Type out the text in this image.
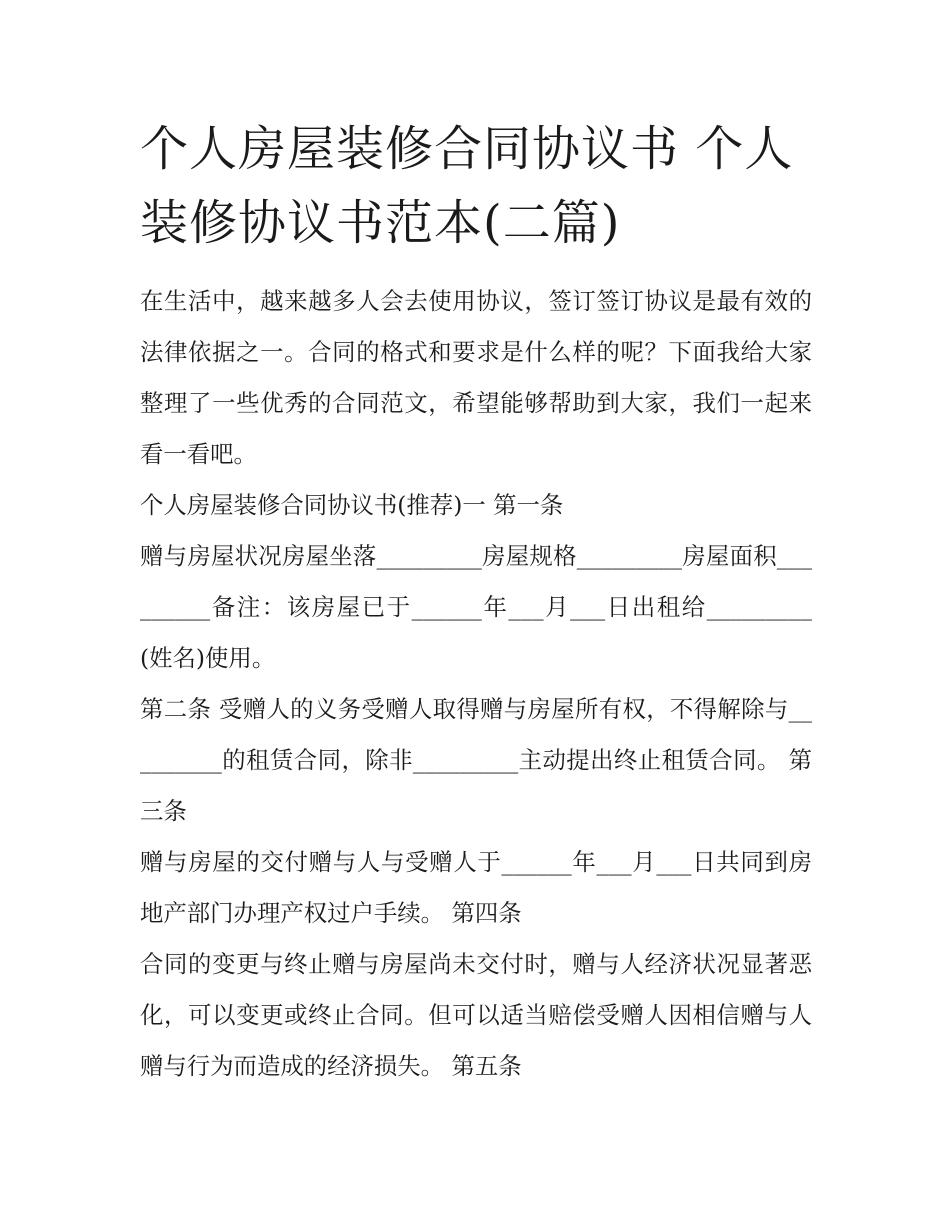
个人房屋装修合同协议书 个人装修协议书范本(二篇)

在生活中，越来越多人会去使用协议，签订签订协议是最有效的法律依据之一。合同的格式和要求是什么样的呢？下面我给大家整理了一些优秀的合同范文，希望能够帮助到大家，我们一起来看一看吧。

个人房屋装修合同协议书(推荐)一 第一条

赠与房屋状况房屋坐落_________房屋规格_________房屋面积_________备注：该房屋已于______年___月___日出租给_________(姓名)使用。

第二条 受赠人的义务受赠人取得赠与房屋所有权，不得解除与_________的租赁合同，除非_________主动提出终止租赁合同。 第三条

赠与房屋的交付赠与人与受赠人于______年___月___日共同到房地产部门办理产权过户手续。 第四条

合同的变更与终止赠与房屋尚未交付时，赠与人经济状况显著恶化，可以变更或终止合同。但可以适当赔偿受赠人因相信赠与人赠与行为而造成的经济损失。 第五条
